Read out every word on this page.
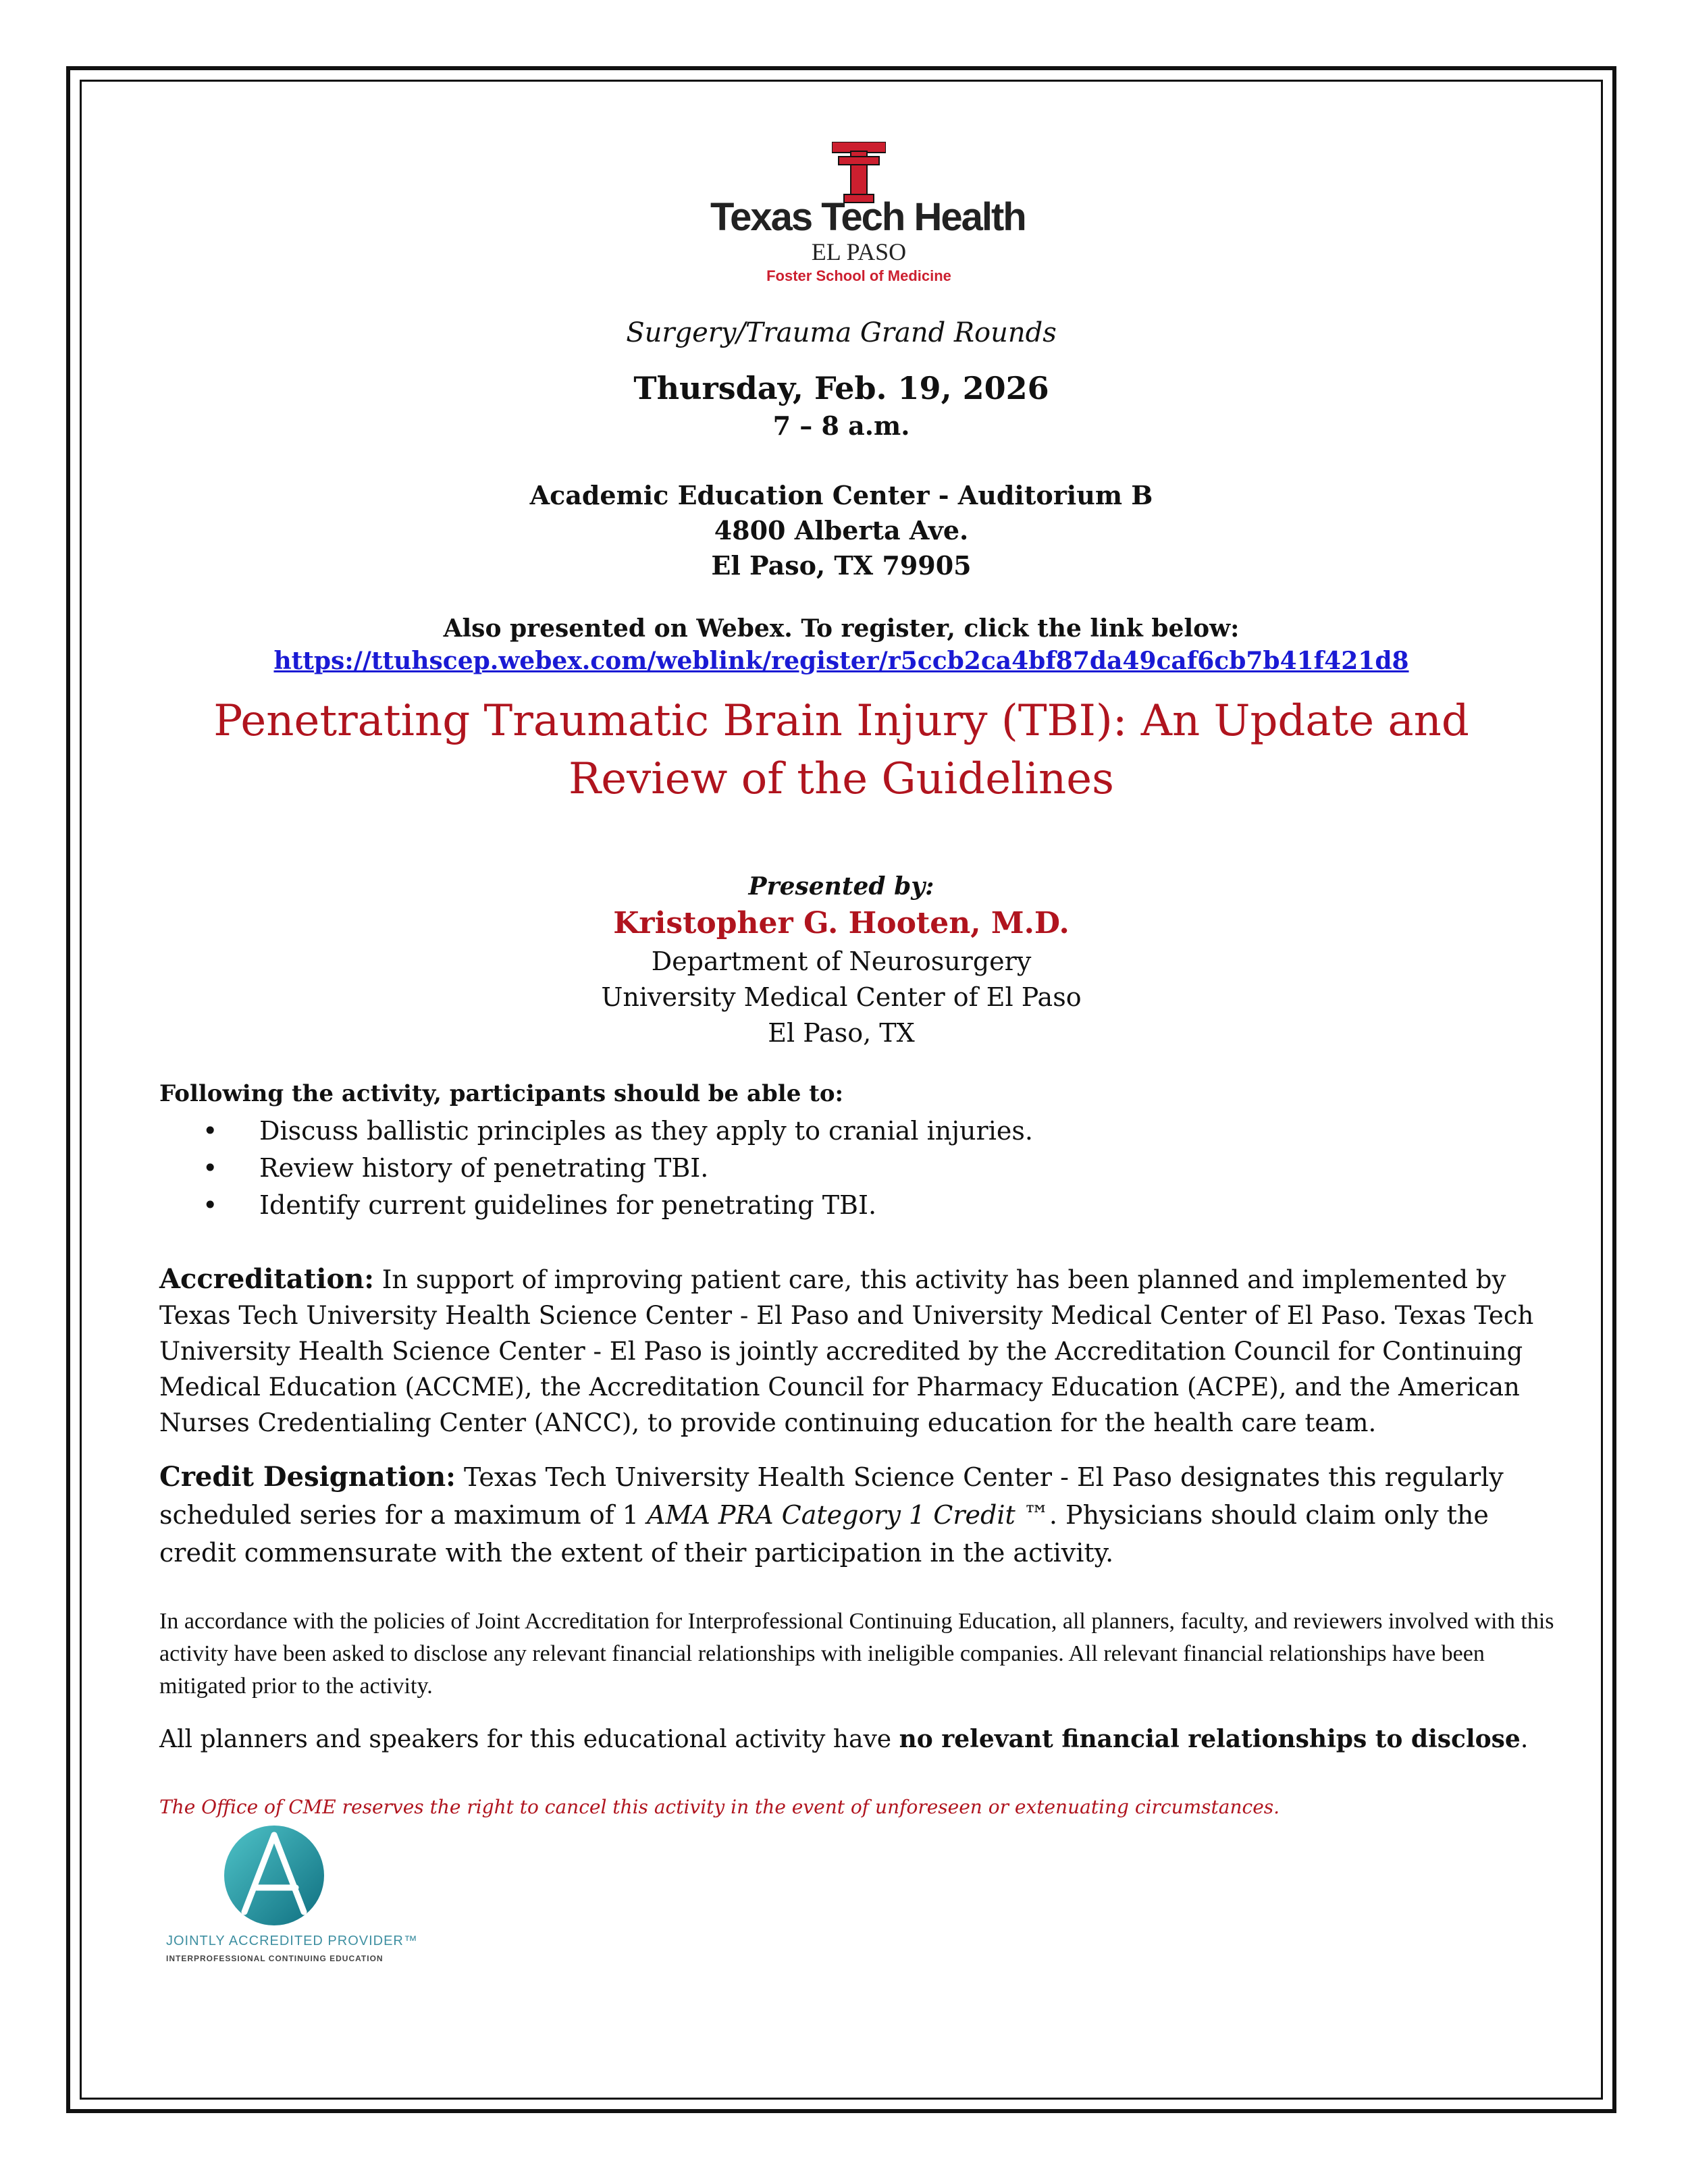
Texas Tech Health
EL PASO
Foster School of Medicine
Surgery/Trauma Grand Rounds
Thursday, Feb. 19, 2026
7 – 8 a.m.
Academic Education Center - Auditorium B
4800 Alberta Ave.
El Paso, TX 79905
Also presented on Webex. To register, click the link below:
https://ttuhscep.webex.com/weblink/register/r5ccb2ca4bf87da49caf6cb7b41f421d8
Penetrating Traumatic Brain Injury (TBI): An Update and
Review of the Guidelines
Presented by:
Kristopher G. Hooten, M.D.
Department of Neurosurgery
University Medical Center of El Paso
El Paso, TX
Following the activity, participants should be able to:
• Discuss ballistic principles as they apply to cranial injuries.
• Review history of penetrating TBI.
• Identify current guidelines for penetrating TBI.
Accreditation: In support of improving patient care, this activity has been planned and implemented by Texas Tech University Health Science Center - El Paso and University Medical Center of El Paso. Texas Tech University Health Science Center - El Paso is jointly accredited by the Accreditation Council for Continuing Medical Education (ACCME), the Accreditation Council for Pharmacy Education (ACPE), and the American Nurses Credentialing Center (ANCC), to provide continuing education for the health care team.
Credit Designation: Texas Tech University Health Science Center - El Paso designates this regularly scheduled series for a maximum of 1 AMA PRA Category 1 Credit ™. Physicians should claim only the credit commensurate with the extent of their participation in the activity.
In accordance with the policies of Joint Accreditation for Interprofessional Continuing Education, all planners, faculty, and reviewers involved with this activity have been asked to disclose any relevant financial relationships with ineligible companies. All relevant financial relationships have been mitigated prior to the activity.
All planners and speakers for this educational activity have no relevant financial relationships to disclose.
The Office of CME reserves the right to cancel this activity in the event of unforeseen or extenuating circumstances.
JOINTLY ACCREDITED PROVIDER™
INTERPROFESSIONAL CONTINUING EDUCATION
